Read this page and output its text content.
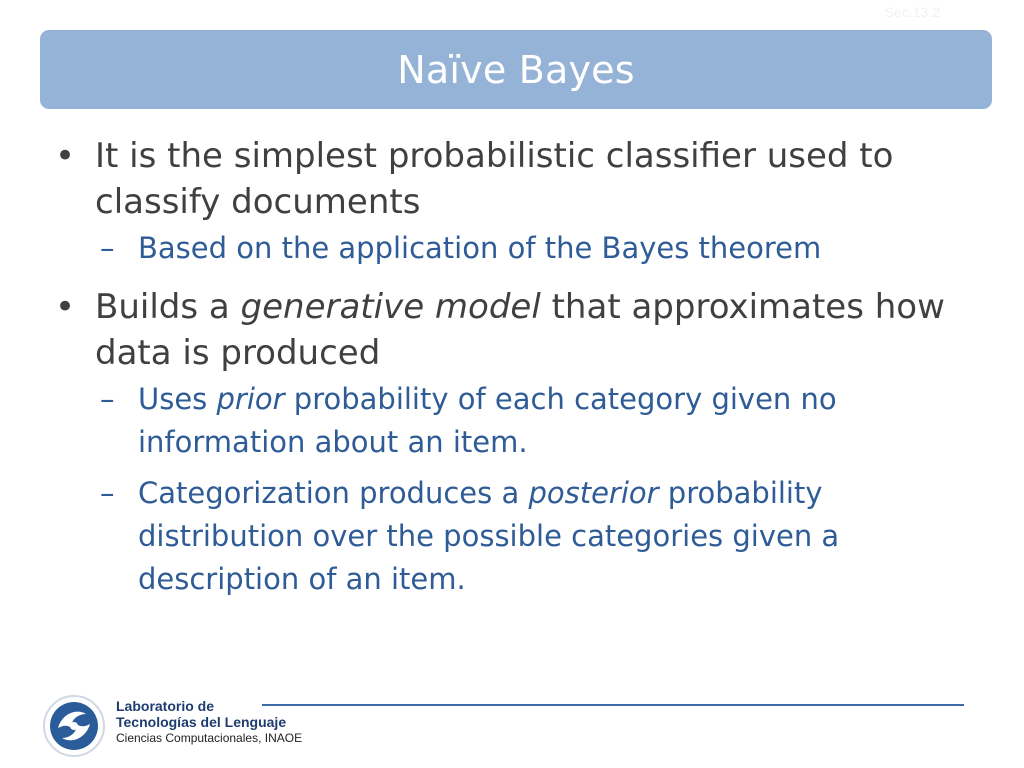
Sec.13.2
Naïve Bayes
• It is the simplest probabilistic classifier used to classify documents
– Based on the application of the Bayes theorem
• Builds a generative model that approximates how data is produced
– Uses prior probability of each category given no information about an item.
– Categorization produces a posterior probability distribution over the possible categories given a description of an item.
Laboratorio de
Tecnologías del Lenguaje
Ciencias Computacionales, INAOE
